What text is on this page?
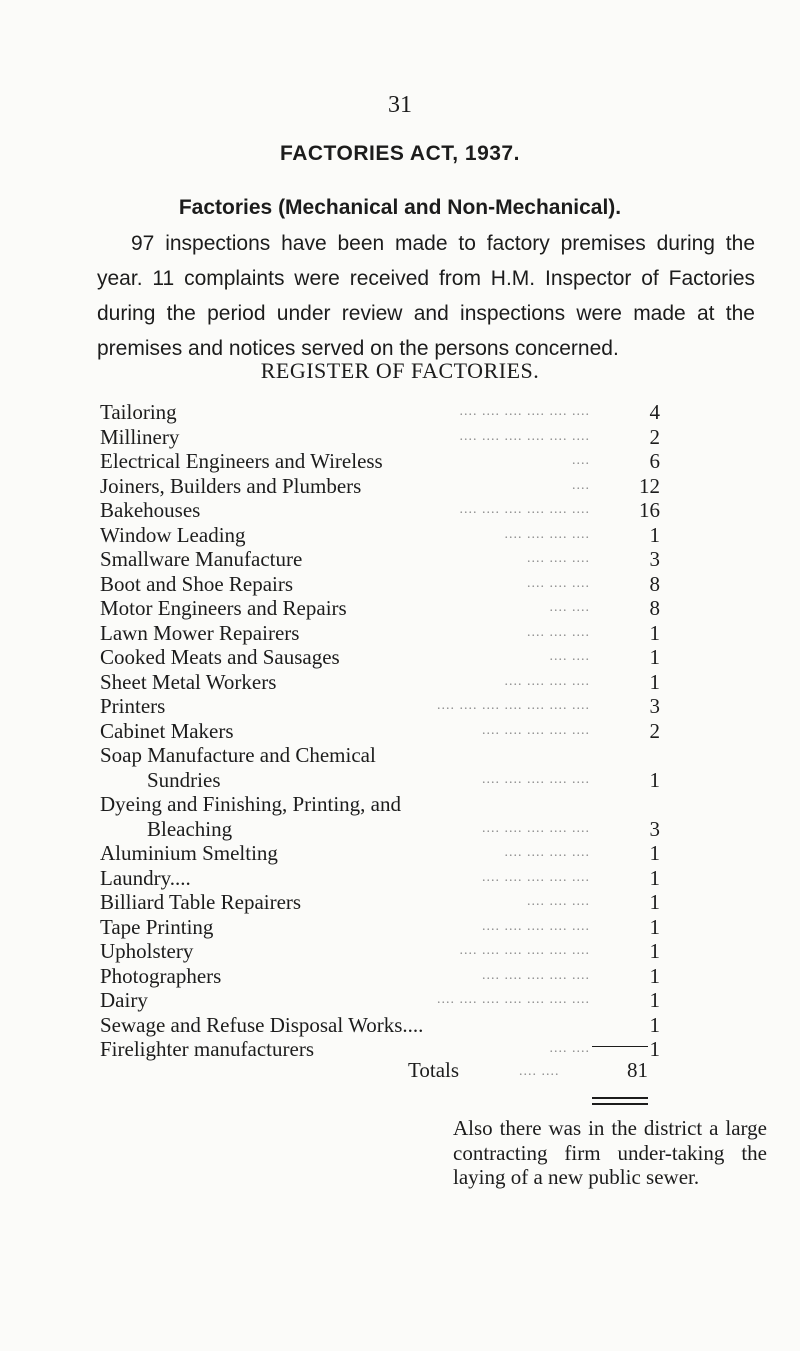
31
FACTORIES ACT, 1937.
Factories (Mechanical and Non-Mechanical).
97 inspections have been made to factory premises during the year. 11 complaints were received from H.M. Inspector of Factories during the period under review and inspections were made at the premises and notices served on the persons concerned.
REGISTER OF FACTORIES.
Tailoring	.... .... .... .... .... ....	4
Millinery	.... .... .... .... .... ....	2
Electrical Engineers and Wireless	....	6
Joiners, Builders and Plumbers	....	12
Bakehouses	.... .... .... .... .... ....	16
Window Leading	.... .... .... ....	1
Smallware Manufacture	.... .... ....	3
Boot and Shoe Repairs	.... .... ....	8
Motor Engineers and Repairs	.... ....	8
Lawn Mower Repairers	.... .... ....	1
Cooked Meats and Sausages	.... ....	1
Sheet Metal Workers	.... .... .... ....	1
Printers	.... .... .... .... .... .... ....	3
Cabinet Makers	.... .... .... .... ....	2
Soap Manufacture and Chemical
Sundries	.... .... .... .... ....	1
Dyeing and Finishing, Printing, and
Bleaching	.... .... .... .... ....	3
Aluminium Smelting	.... .... .... ....	1
Laundry....	.... .... .... .... ....	1
Billiard Table Repairers	.... .... ....	1
Tape Printing	.... .... .... .... ....	1
Upholstery	.... .... .... .... .... ....	1
Photographers	.... .... .... .... ....	1
Dairy	.... .... .... .... .... .... ....	1
Sewage and Refuse Disposal Works....	1
Firelighter manufacturers	.... ....	1
Totals	.... ....	81
Also there was in the district a large contracting firm under-taking the laying of a new public sewer.
